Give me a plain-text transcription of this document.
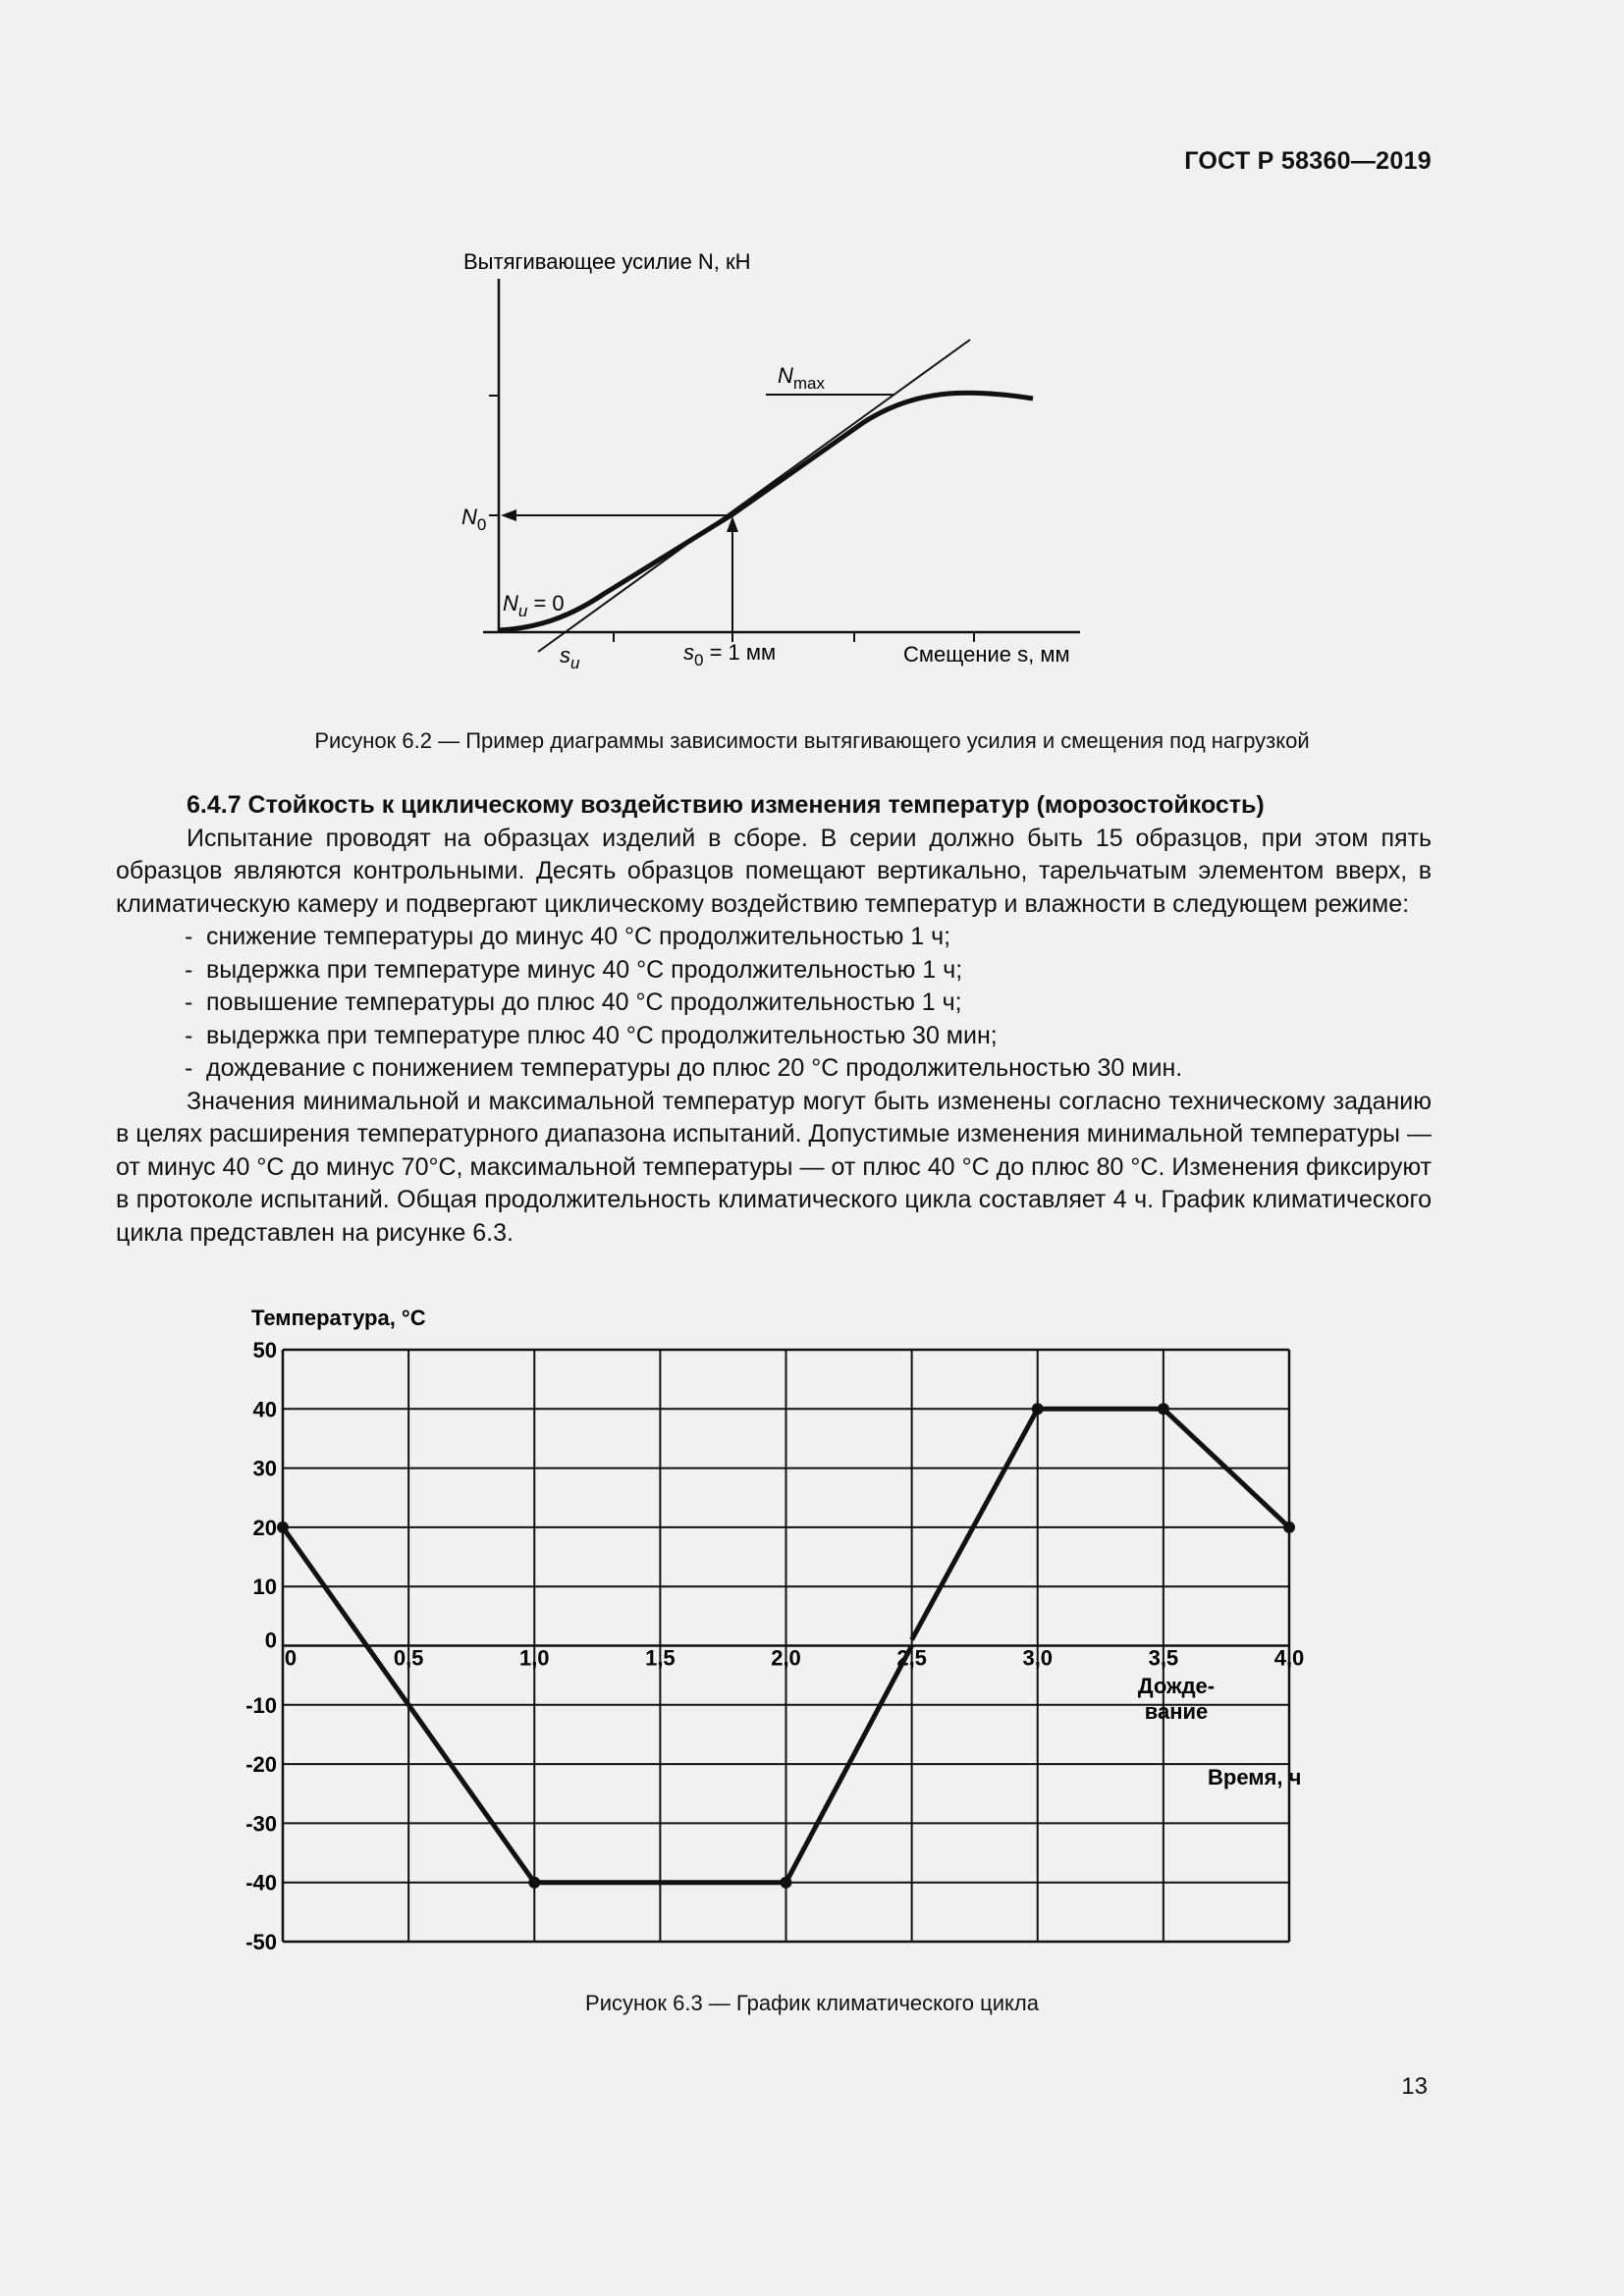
ГОСТ Р 58360—2019
Вытягивающее усилие N, кН
$N_{max}$
$N_0$
$N_u = 0$
$s_u$	$s_0 = 1$ мм	Смещение s, мм
Рисунок 6.2 — Пример диаграммы зависимости вытягивающего усилия и смещения под нагрузкой

6.4.7 Стойкость к циклическому воздействию изменения температур (морозостойкость)

Испытание проводят на образцах изделий в сборе. В серии должно быть 15 образцов, при этом пять образцов являются контрольными. Десять образцов помещают вертикально, тарельчатым элементом вверх, в климатическую камеру и подвергают циклическому воздействию температур и влажности в следующем режиме:

- снижение температуры до минус 40 °С продолжительностью 1 ч;
- выдержка при температуре минус 40 °С продолжительностью 1 ч;
- повышение температуры до плюс 40 °С продолжительностью 1 ч;
- выдержка при температуре плюс 40 °С продолжительностью 30 мин;
- дождевание с понижением температуры до плюс 20 °С продолжительностью 30 мин.

Значения минимальной и максимальной температур могут быть изменены согласно техническому заданию в целях расширения температурного диапазона испытаний. Допустимые изменения минимальной температуры — от минус 40 °С до минус 70°С, максимальной температуры — от плюс 40 °С до плюс 80 °С. Изменения фиксируют в протоколе испытаний. Общая продолжительность климатического цикла составляет 4 ч. График климатического цикла представлен на рисунке 6.3.

Температура, °С
0	0,5	1,0	1,5	2,0	2,5	3,0	3,5	4,0
50
40
30
20
10
0
-10
-20
-30
-40
-50
Дожде-
вание
Время, ч
Рисунок 6.3 — График климатического цикла
13
